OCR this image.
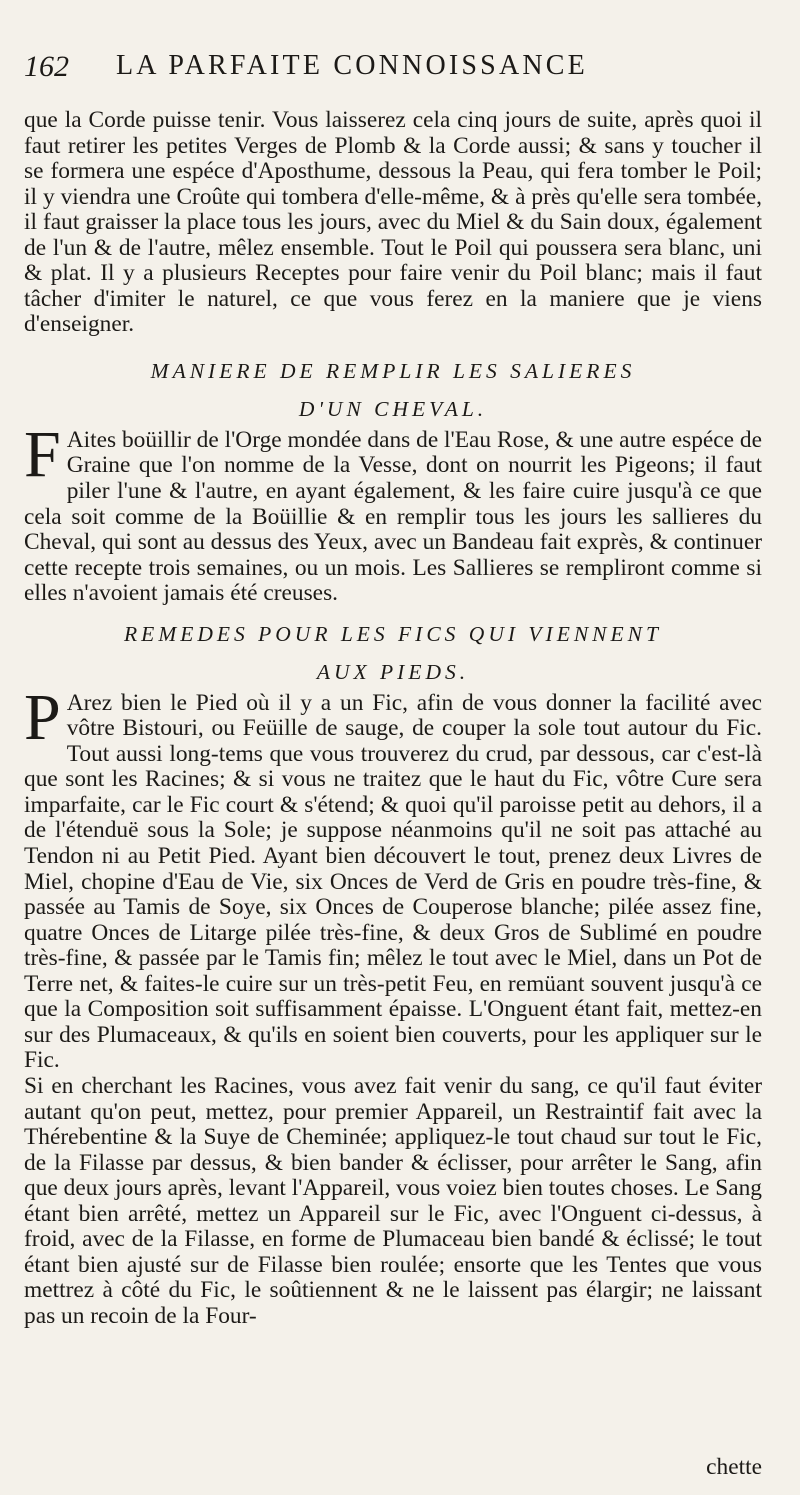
162 LA PARFAITE CONNOISSANCE

que la Corde puisse tenir. Vous laisserez cela cinq jours de suite, après quoi il faut retirer les petites Verges de Plomb & la Corde aussi; & sans y toucher il se formera une espéce d'Aposthume, dessous la Peau, qui fera tomber le Poil; il y viendra une Croûte qui tombera d'elle-même, & à près qu'elle sera tombée, il faut graisser la place tous les jours, avec du Miel & du Sain doux, également de l'un & de l'autre, mêlez ensemble. Tout le Poil qui poussera sera blanc, uni & plat. Il y a plusieurs Receptes pour faire venir du Poil blanc; mais il faut tâcher d'imiter le naturel, ce que vous ferez en la maniere que je viens d'enseigner.

MANIERE DE REMPLIR LES SALIERES
D'UN CHEVAL.

F Aites boüillir de l'Orge mondée dans de l'Eau Rose, & une autre espéce de Graine que l'on nomme de la Vesse, dont on nourrit les Pigeons; il faut piler l'une & l'autre, en ayant également, & les faire cuire jusqu'à ce que cela soit comme de la Boüillie & en remplir tous les jours les sallieres du Cheval, qui sont au dessus des Yeux, avec un Bandeau fait exprès, & continuer cette recepte trois semaines, ou un mois. Les Sallieres se rempliront comme si elles n'avoient jamais été creuses.

REMEDES POUR LES FICS QUI VIENNENT
AUX PIEDS.

P Arez bien le Pied où il y a un Fic, afin de vous donner la facilité avec vôtre Bistouri, ou Feüille de sauge, de couper la sole tout autour du Fic. Tout aussi long-tems que vous trouverez du crud, par dessous, car c'est-là que sont les Racines; & si vous ne traitez que le haut du Fic, vôtre Cure sera imparfaite, car le Fic court & s'étend; & quoi qu'il paroisse petit au dehors, il a de l'étenduë sous la Sole; je suppose néanmoins qu'il ne soit pas attaché au Tendon ni au Petit Pied. Ayant bien découvert le tout, prenez deux Livres de Miel, chopine d'Eau de Vie, six Onces de Verd de Gris en poudre très-fine, & passée au Tamis de Soye, six Onces de Couperose blanche; pilée assez fine, quatre Onces de Litarge pilée très-fine, & deux Gros de Sublimé en poudre très-fine, & passée par le Tamis fin; mêlez le tout avec le Miel, dans un Pot de Terre net, & faites-le cuire sur un très-petit Feu, en remüant souvent jusqu'à ce que la Composition soit suffisamment épaisse. L'Onguent étant fait, mettez-en sur des Plumaceaux, & qu'ils en soient bien couverts, pour les appliquer sur le Fic.

Si en cherchant les Racines, vous avez fait venir du sang, ce qu'il faut éviter autant qu'on peut, mettez, pour premier Appareil, un Restraintif fait avec la Thérebentine & la Suye de Cheminée; appliquez-le tout chaud sur tout le Fic, de la Filasse par dessus, & bien bander & éclisser, pour arrêter le Sang, afin que deux jours après, levant l'Appareil, vous voiez bien toutes choses. Le Sang étant bien arrêté, mettez un Appareil sur le Fic, avec l'Onguent ci-dessus, à froid, avec de la Filasse, en forme de Plumaceau bien bandé & éclissé; le tout étant bien ajusté sur de Filasse bien roulée; ensorte que les Tentes que vous mettrez à côté du Fic, le soûtiennent & ne le laissent pas élargir; ne laissant pas un recoin de la Four-

chette
